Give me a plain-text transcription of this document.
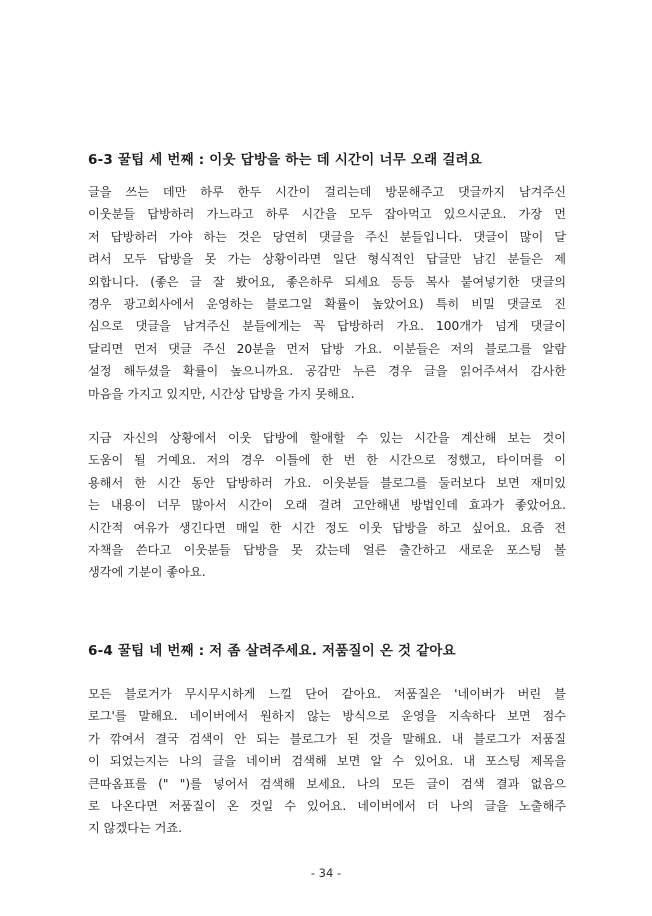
6-3 꿀팁 세 번째 : 이웃 답방을 하는 데 시간이 너무 오래 걸려요
글을 쓰는 데만 하루 한두 시간이 걸리는데 방문해주고 댓글까지 남겨주신
이웃분들 답방하러 가느라고 하루 시간을 모두 잡아먹고 있으시군요. 가장 먼
저 답방하러 가야 하는 것은 당연히 댓글을 주신 분들입니다. 댓글이 많이 달
려서 모두 답방을 못 가는 상황이라면 일단 형식적인 답글만 남긴 분들은 제
외합니다. (좋은 글 잘 봤어요, 좋은하루 되세요 등등 복사 붙여넣기한 댓글의
경우 광고회사에서 운영하는 블로그일 확률이 높았어요) 특히 비밀 댓글로 진
심으로 댓글을 남겨주신 분들에게는 꼭 답방하러 가요. 100개가 넘게 댓글이
달리면 먼저 댓글 주신 20분을 먼저 답방 가요. 이분들은 저의 블로그를 알람
설정 해두셨을 확률이 높으니까요. 공감만 누른 경우 글을 읽어주셔서 감사한
마음을 가지고 있지만, 시간상 답방을 가지 못해요.
지금 자신의 상황에서 이웃 답방에 할애할 수 있는 시간을 계산해 보는 것이
도움이 될 거예요. 저의 경우 이틀에 한 번 한 시간으로 정했고, 타이머를 이
용해서 한 시간 동안 답방하러 가요. 이웃분들 블로그를 둘러보다 보면 재미있
는 내용이 너무 많아서 시간이 오래 걸려 고안해낸 방법인데 효과가 좋았어요.
시간적 여유가 생긴다면 매일 한 시간 정도 이웃 답방을 하고 싶어요. 요즘 전
자책을 쓴다고 이웃분들 답방을 못 갔는데 얼른 출간하고 새로운 포스팅 볼
생각에 기분이 좋아요.
6-4 꿀팁 네 번째 : 저 좀 살려주세요. 저품질이 온 것 같아요
모든 블로거가 무시무시하게 느낄 단어 같아요. 저품질은 '네이버가 버린 블
로그'를 말해요. 네이버에서 원하지 않는 방식으로 운영을 지속하다 보면 점수
가 깎여서 결국 검색이 안 되는 블로그가 된 것을 말해요. 내 블로그가 저품질
이 되었는지는 나의 글을 네이버 검색해 보면 알 수 있어요. 내 포스팅 제목을
큰따옴표를 (" ")를 넣어서 검색해 보세요. 나의 모든 글이 검색 결과 없음으
로 나온다면 저품질이 온 것일 수 있어요. 네이버에서 더 나의 글을 노출해주
지 않겠다는 거죠.
- 34 -
